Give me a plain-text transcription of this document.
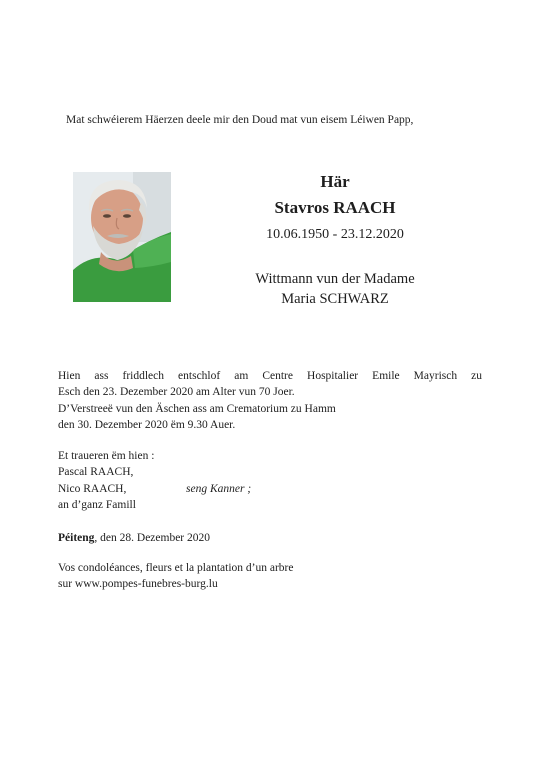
Mat schwéierem Häerzen deele mir den Doud mat vun eisem Léiwen Papp,
Här
Stavros RAACH
10.06.1950 - 23.12.2020
Wittmann vun der Madame
Maria SCHWARZ
Hien ass friddlech entschlof am Centre Hospitalier Emile Mayrisch zu
Esch den 23. Dezember 2020 am Alter vun 70 Joer.
D’Verstreeë vun den Äschen ass am Crematorium zu Hamm
den 30. Dezember 2020 ëm 9.30 Auer.
Et traueren ëm hien :
Pascal RAACH,
Nico RAACH,
an d’ganz Famill
seng Kanner ;
Péiteng, den 28. Dezember 2020
Vos condoléances, fleurs et la plantation d’un arbre
sur www.pompes-funebres-burg.lu
